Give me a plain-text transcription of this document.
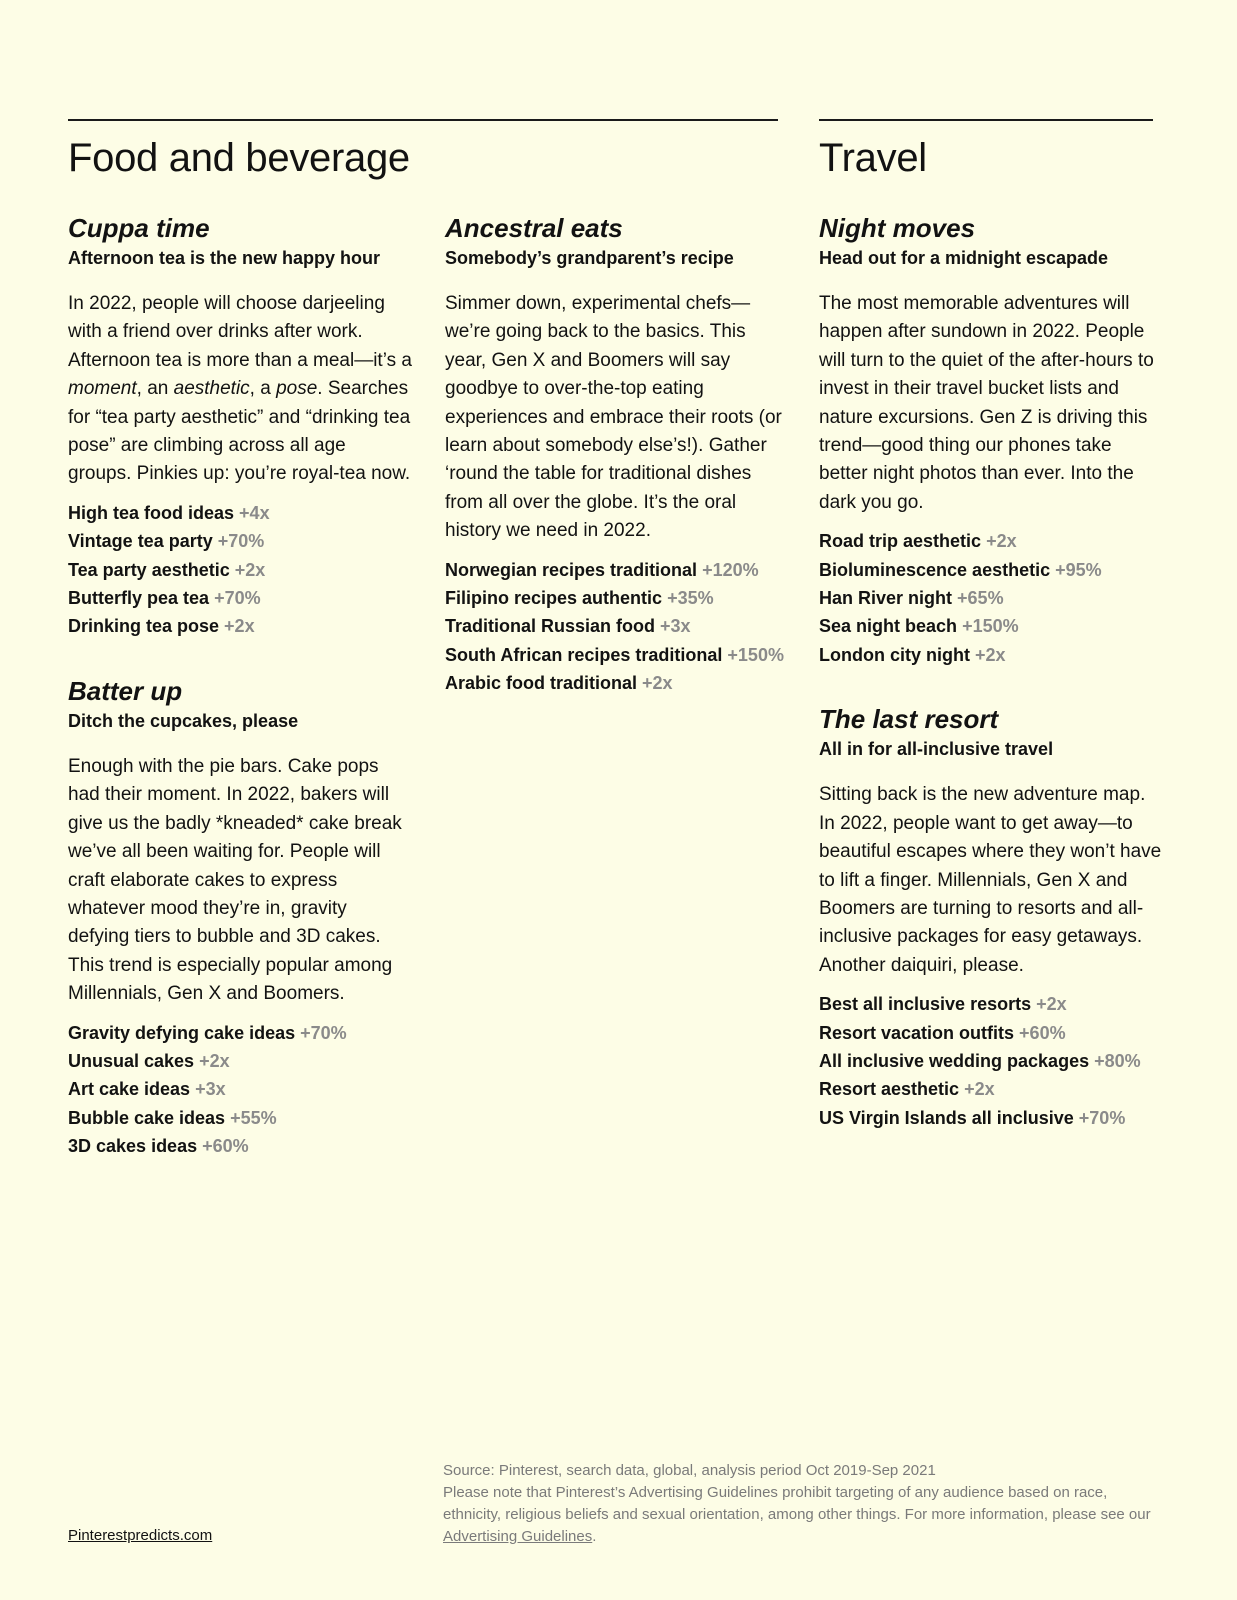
Food and beverage	Travel
Cuppa time
Afternoon tea is the new happy hour

In 2022, people will choose darjeeling with a friend over drinks after work. Afternoon tea is more than a meal—it’s a moment, an aesthetic, a pose. Searches for “tea party aesthetic” and “drinking tea pose” are climbing across all age groups. Pinkies up: you’re royal-tea now.

High tea food ideas +4x
Vintage tea party +70%
Tea party aesthetic +2x
Butterfly pea tea +70%
Drinking tea pose +2x
Batter up
Ditch the cupcakes, please

Enough with the pie bars. Cake pops had their moment. In 2022, bakers will give us the badly *kneaded* cake break we’ve all been waiting for. People will craft elaborate cakes to express whatever mood they’re in, gravity defying tiers to bubble and 3D cakes. This trend is especially popular among Millennials, Gen X and Boomers.

Gravity defying cake ideas +70%
Unusual cakes +2x
Art cake ideas +3x
Bubble cake ideas +55%
3D cakes ideas +60%
Ancestral eats
Somebody’s grandparent’s recipe

Simmer down, experimental chefs—we’re going back to the basics. This year, Gen X and Boomers will say goodbye to over-the-top eating experiences and embrace their roots (or learn about somebody else’s!). Gather ‘round the table for traditional dishes from all over the globe. It’s the oral history we need in 2022.

Norwegian recipes traditional +120%
Filipino recipes authentic +35%
Traditional Russian food +3x
South African recipes traditional +150%
Arabic food traditional +2x
Night moves
Head out for a midnight escapade

The most memorable adventures will happen after sundown in 2022. People will turn to the quiet of the after-hours to invest in their travel bucket lists and nature excursions. Gen Z is driving this trend—good thing our phones take better night photos than ever. Into the dark you go.

Road trip aesthetic +2x
Bioluminescence aesthetic +95%
Han River night +65%
Sea night beach +150%
London city night +2x
The last resort
All in for all-inclusive travel

Sitting back is the new adventure map. In 2022, people want to get away—to beautiful escapes where they won’t have to lift a finger. Millennials, Gen X and Boomers are turning to resorts and all-inclusive packages for easy getaways. Another daiquiri, please.

Best all inclusive resorts +2x
Resort vacation outfits +60%
All inclusive wedding packages +80%
Resort aesthetic +2x
US Virgin Islands all inclusive +70%
Pinterestpredicts.com

Source: Pinterest, search data, global, analysis period Oct 2019-Sep 2021

Please note that Pinterest’s Advertising Guidelines prohibit targeting of any audience based on race, ethnicity, religious beliefs and sexual orientation, among other things. For more information, please see our Advertising Guidelines.
